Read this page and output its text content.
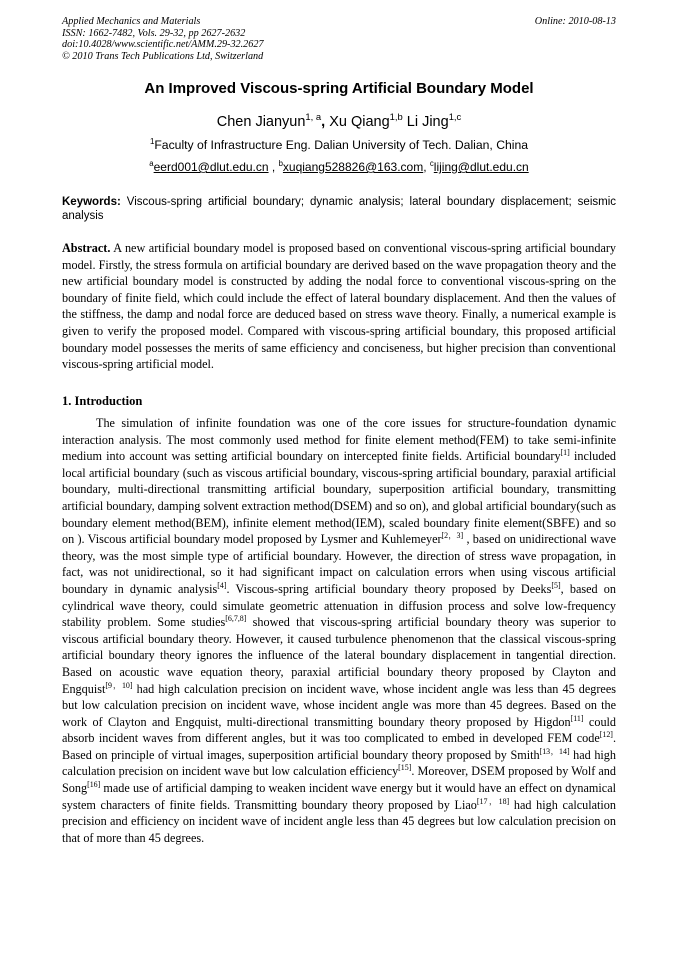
Applied Mechanics and Materials
ISSN: 1662-7482, Vols. 29-32, pp 2627-2632
doi:10.4028/www.scientific.net/AMM.29-32.2627
© 2010 Trans Tech Publications Ltd, Switzerland
Online: 2010-08-13
An Improved Viscous-spring Artificial Boundary Model
Chen Jianyun$^{1, a}$, Xu Qiang$^{1,b}$ Li Jing$^{1,c}$
$^1$Faculty of Infrastructure Eng. Dalian University of Tech. Dalian, China
$^a$eerd001@dlut.edu.cn , $^b$xuqiang528826@163.com, $^c$lijing@dlut.edu.cn
Keywords: Viscous-spring artificial boundary; dynamic analysis; lateral boundary displacement; seismic analysis
Abstract. A new artificial boundary model is proposed based on conventional viscous-spring artificial boundary model. Firstly, the stress formula on artificial boundary are derived based on the wave propagation theory and the new artificial boundary model is constructed by adding the nodal force to conventional viscous-spring on the boundary of finite field, which could include the effect of lateral boundary displacement. And then the values of the stiffness, the damp and nodal force are deduced based on stress wave theory. Finally, a numerical example is given to verify the proposed model. Compared with viscous-spring artificial boundary, this proposed artificial boundary model possesses the merits of same efficiency and conciseness, but higher precision than conventional viscous-spring artificial model.
1. Introduction
The simulation of infinite foundation was one of the core issues for structure-foundation dynamic interaction analysis. The most commonly used method for finite element method(FEM) to take semi-infinite medium into account was setting artificial boundary on intercepted finite fields. Artificial boundary[1] included local artificial boundary (such as viscous artificial boundary, viscous-spring artificial boundary, paraxial artificial boundary, multi-directional transmitting artificial boundary, superposition artificial boundary, transmitting artificial boundary, damping solvent extraction method(DSEM) and so on), and global artificial boundary(such as boundary element method(BEM), infinite element method(IEM), scaled boundary finite element(SBFE) and so on ). Viscous artificial boundary model proposed by Lysmer and Kuhlemeyer[2，3] , based on unidirectional wave theory, was the most simple type of artificial boundary. However, the direction of stress wave propagation, in fact, was not unidirectional, so it had significant impact on calculation errors when using viscous artificial boundary in dynamic analysis[4]. Viscous-spring artificial boundary theory proposed by Deeks[5], based on cylindrical wave theory, could simulate geometric attenuation in diffusion process and solve low-frequency stability problem. Some studies[6,7,8] showed that viscous-spring artificial boundary theory was superior to viscous artificial boundary theory. However, it caused turbulence phenomenon that the classical viscous-spring artificial boundary theory ignores the influence of the lateral boundary displacement in tangential direction. Based on acoustic wave equation theory, paraxial artificial boundary theory proposed by Clayton and Engquist[9，10] had high calculation precision on incident wave, whose incident angle was less than 45 degrees but low calculation precision on incident wave, whose incident angle was more than 45 degrees. Based on the work of Clayton and Engquist, multi-directional transmitting boundary theory proposed by Higdon[11] could absorb incident waves from different angles, but it was too complicated to embed in developed FEM code[12]. Based on principle of virtual images, superposition artificial boundary theory proposed by Smith[13，14] had high calculation precision on incident wave but low calculation efficiency[15]. Moreover, DSEM proposed by Wolf and Song[16] made use of artificial damping to weaken incident wave energy but it would have an effect on dynamical system characters of finite fields. Transmitting boundary theory proposed by Liao[17，18] had high calculation precision and efficiency on incident wave of incident angle less than 45 degrees but low calculation precision on that of more than 45 degrees.
